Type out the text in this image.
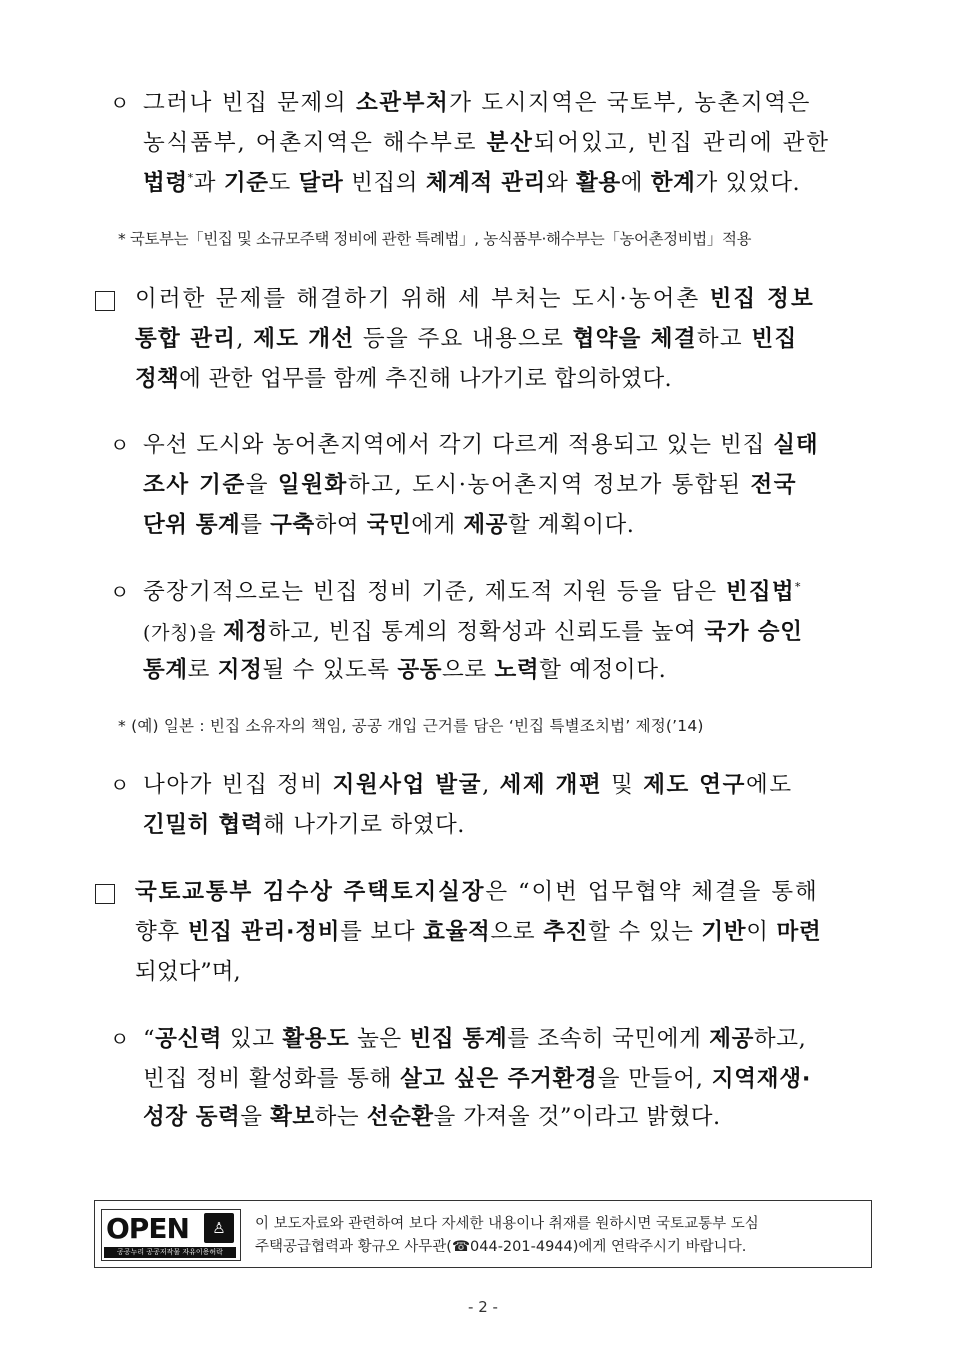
ㅇ 그러나 빈집 문제의 소관부처가 도시지역은 국토부, 농촌지역은
농식품부, 어촌지역은 해수부로 분산되어있고, 빈집 관리에 관한
법령*과 기준도 달라 빈집의 체계적 관리와 활용에 한계가 있었다.
* 국토부는「빈집 및 소규모주택 정비에 관한 특례법」, 농식품부·해수부는「농어촌정비법」적용
이러한 문제를 해결하기 위해 세 부처는 도시·농어촌 빈집 정보
통합 관리, 제도 개선 등을 주요 내용으로 협약을 체결하고 빈집
정책에 관한 업무를 함께 추진해 나가기로 합의하였다.
ㅇ 우선 도시와 농어촌지역에서 각기 다르게 적용되고 있는 빈집 실태
조사 기준을 일원화하고, 도시·농어촌지역 정보가 통합된 전국
단위 통계를 구축하여 국민에게 제공할 계획이다.
ㅇ 중장기적으로는 빈집 정비 기준, 제도적 지원 등을 담은 빈집법*
(가칭)을 제정하고, 빈집 통계의 정확성과 신뢰도를 높여 국가 승인
통계로 지정될 수 있도록 공동으로 노력할 예정이다.
* (예) 일본 : 빈집 소유자의 책임, 공공 개입 근거를 담은 ‘빈집 특별조치법’ 제정(’14)
ㅇ 나아가 빈집 정비 지원사업 발굴, 세제 개편 및 제도 연구에도
긴밀히 협력해 나가기로 하였다.
국토교통부 김수상 주택토지실장은 “이번 업무협약 체결을 통해
향후 빈집 관리·정비를 보다 효율적으로 추진할 수 있는 기반이 마련
되었다”며,
ㅇ “공신력 있고 활용도 높은 빈집 통계를 조속히 국민에게 제공하고,
빈집 정비 활성화를 통해 살고 싶은 주거환경을 만들어, 지역재생·
성장 동력을 확보하는 선순환을 가져올 것”이라고 밝혔다.
OPEN	♙
공공누리 공공저작물 자유이용허락
이 보도자료와 관련하여 보다 자세한 내용이나 취재를 원하시면 국토교통부 도심
주택공급협력과 황규오 사무관(☎044-201-4944)에게 연락주시기 바랍니다.
- 2 -
